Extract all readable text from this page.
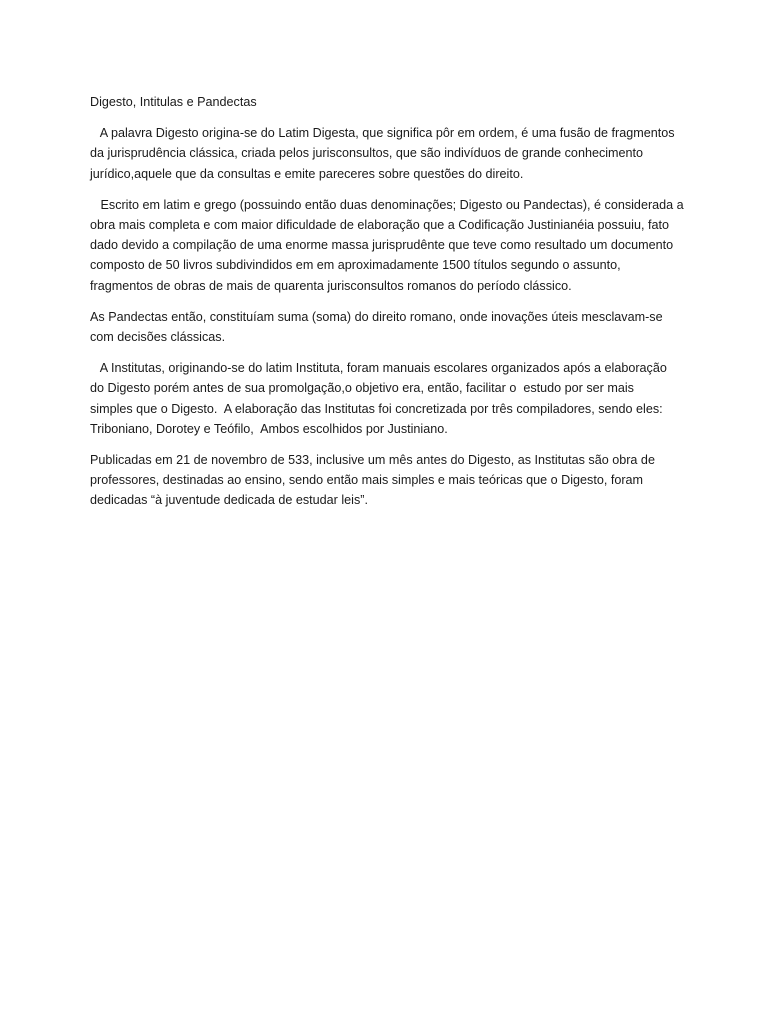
Digesto, Intitulas e Pandectas
A palavra Digesto origina-se do Latim Digesta, que significa pôr em ordem, é uma fusão de fragmentos
da jurisprudência clássica, criada pelos jurisconsultos, que são indivíduos de grande conhecimento
jurídico,aquele que da consultas e emite pareceres sobre questões do direito.
Escrito em latim e grego (possuindo então duas denominações; Digesto ou Pandectas), é considerada a
obra mais completa e com maior dificuldade de elaboração que a Codificação Justinianéia possuiu, fato
dado devido a compilação de uma enorme massa jurisprudênte que teve como resultado um documento
composto de 50 livros subdivindidos em em aproximadamente 1500 títulos segundo o assunto,
fragmentos de obras de mais de quarenta jurisconsultos romanos do período clássico.
As Pandectas então, constituíam suma (soma) do direito romano, onde inovações úteis mesclavam-se
com decisões clássicas.
A Institutas, originando-se do latim Instituta, foram manuais escolares organizados após a elaboração
do Digesto porém antes de sua promolgação,o objetivo era, então, facilitar o  estudo por ser mais
simples que o Digesto.  A elaboração das Institutas foi concretizada por três compiladores, sendo eles:
Triboniano, Dorotey e Teófilo,  Ambos escolhidos por Justiniano.
Publicadas em 21 de novembro de 533, inclusive um mês antes do Digesto, as Institutas são obra de
professores, destinadas ao ensino, sendo então mais simples e mais teóricas que o Digesto, foram
dedicadas “à juventude dedicada de estudar leis”.
